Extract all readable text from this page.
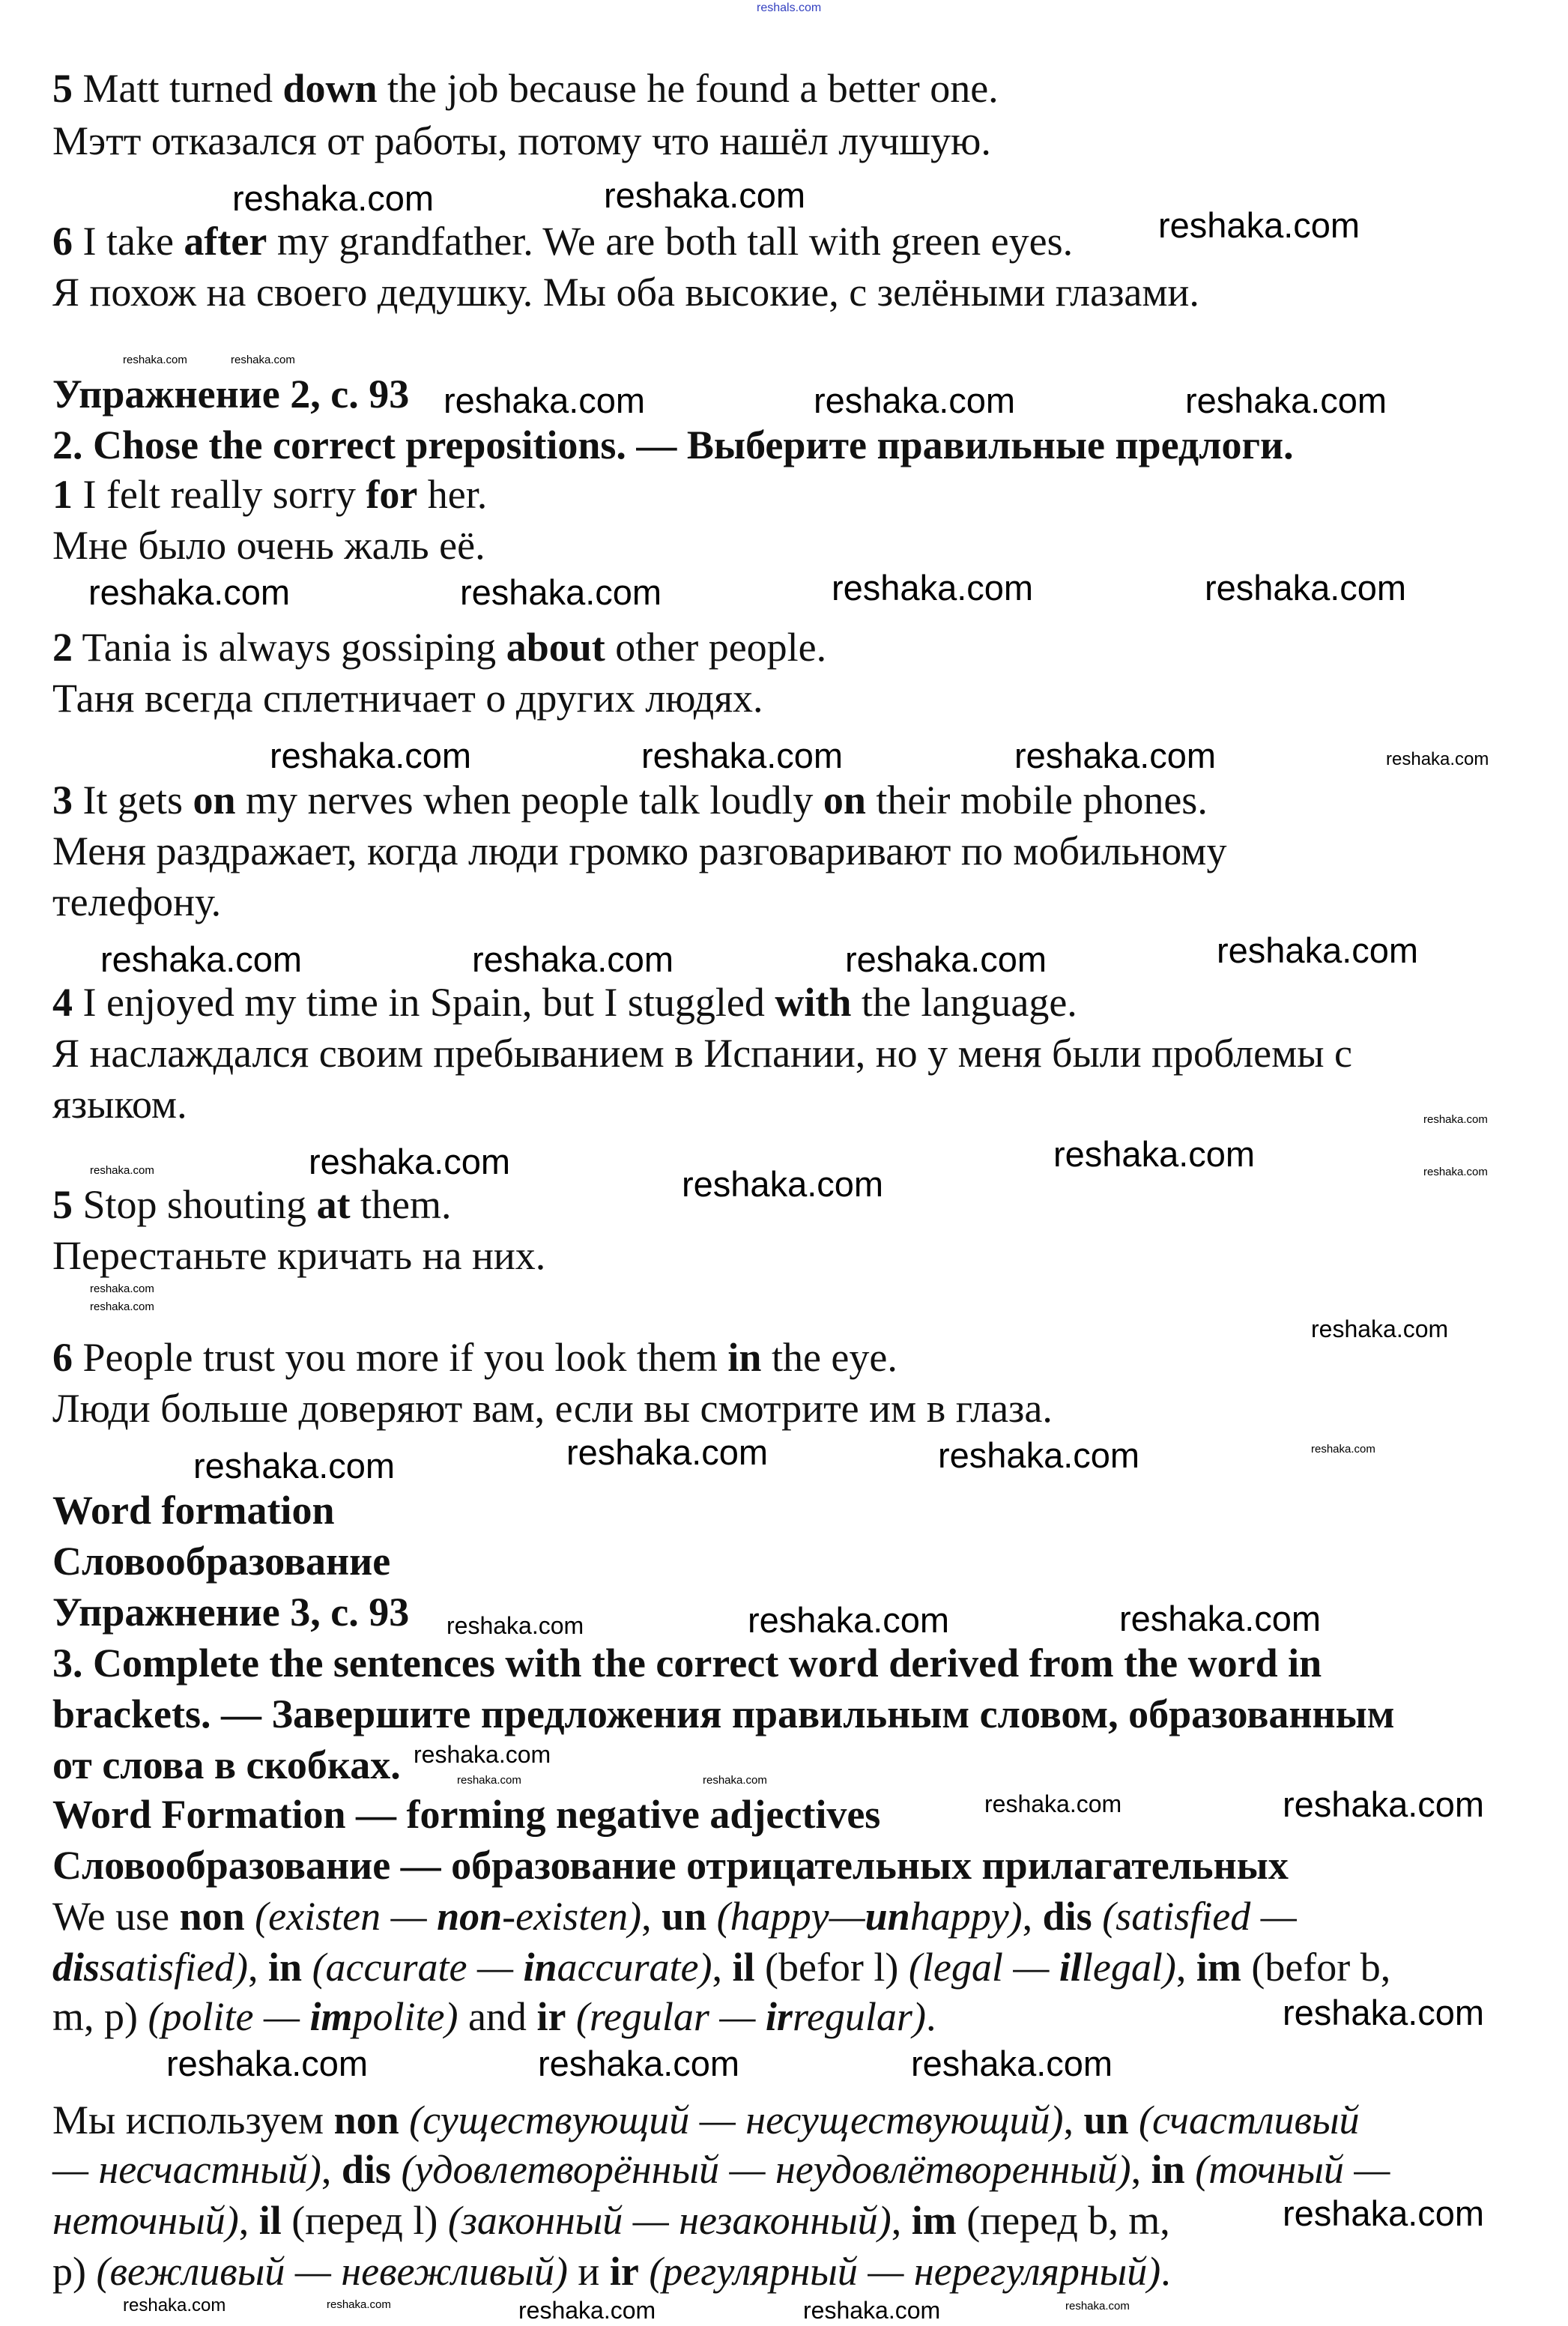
reshals.com
5 Matt turned down the job because he found a better one.
Мэтт отказался от работы, потому что нашёл лучшую.
6 I take after my grandfather. We are both tall with green eyes.
Я похож на своего дедушку. Мы оба высокие, с зелёными глазами.
Упражнение 2, с. 93
2. Chose the correct prepositions. — Выберите правильные предлоги.
1 I felt really sorry for her.
Мне было очень жаль её.
2 Tania is always gossiping about other people.
Таня всегда сплетничает о других людях.
3 It gets on my nerves when people talk loudly on their mobile phones.
Меня раздражает, когда люди громко разговаривают по мобильному
телефону.
4 I enjoyed my time in Spain, but I stuggled with the language.
Я наслаждался своим пребыванием в Испании, но у меня были проблемы с
языком.
5 Stop shouting at them.
Перестаньте кричать на них.
6 People trust you more if you look them in the eye.
Люди больше доверяют вам, если вы смотрите им в глаза.
Word formation
Словообразование
Упражнение 3, с. 93
3. Complete the sentences with the correct word derived from the word in
brackets. — Завершите предложения правильным словом, образованным
от слова в скобках.
Word Formation — forming negative adjectives
Словообразование — образование отрицательных прилагательных
We use non (existen — non-existen), un (happy—unhappy), dis (satisfied —
dissatisfied), in (accurate — inaccurate), il (befor l) (legal — illegal), im (befor b,
m, p) (polite — impolite) and ir (regular — irregular).
Мы используем non (существующий — несуществующий), un (счастливый
— несчастный), dis (удовлетворённый — неудовлётворенный), in (точный —
неточный), il (перед l) (законный — незаконный), im (перед b, m,
p) (вежливый — невежливый) и ir (регулярный — нерегулярный).
reshaka.com	reshaka.com
reshaka.com
reshaka.com	reshaka.com	reshaka.com
reshaka.com	reshaka.com	reshaka.com	reshaka.com
reshaka.com	reshaka.com	reshaka.com
reshaka.com	reshaka.com	reshaka.com	reshaka.com
reshaka.com	reshaka.com
reshaka.com
reshaka.com	reshaka.com	reshaka.com
reshaka.com	reshaka.com
reshaka.com
reshaka.com
reshaka.com	reshaka.com	reshaka.com
reshaka.com
reshaka.com
reshaka.com
reshaka.com
reshaka.com
reshaka.com	reshaka.com
reshaka.com
reshaka.com
reshaka.com	reshaka.com
reshaka.com
reshaka.com
reshaka.com
reshaka.com
reshaka.com
reshaka.com
reshaka.com	reshaka.com
reshaka.com	reshaka.com
